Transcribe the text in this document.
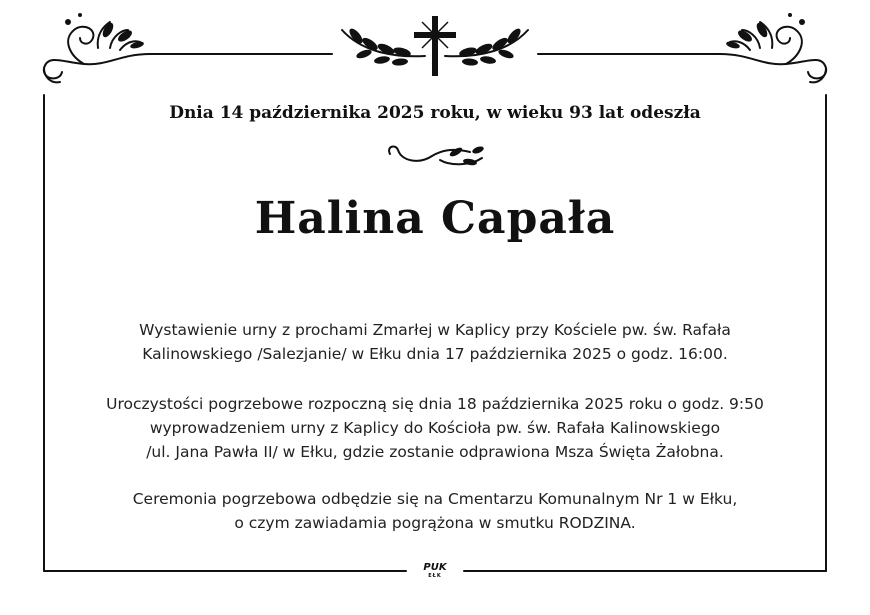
Dnia 14 października 2025 roku, w wieku 93 lat odeszła
Halina Capała
Wystawienie urny z prochami Zmarłej w Kaplicy przy Kościele pw. św. Rafała
Kalinowskiego /Salezjanie/ w Ełku dnia 17 października 2025 o godz. 16:00.
Uroczystości pogrzebowe rozpoczną się dnia 18 października 2025 roku o godz. 9:50
wyprowadzeniem urny z Kaplicy do Kościoła pw. św. Rafała Kalinowskiego
/ul. Jana Pawła II/ w Ełku, gdzie zostanie odprawiona Msza Święta Żałobna.
Ceremonia pogrzebowa odbędzie się na Cmentarzu Komunalnym Nr 1 w Ełku,
o czym zawiadamia pogrążona w smutku RODZINA.
PUK
EŁK
